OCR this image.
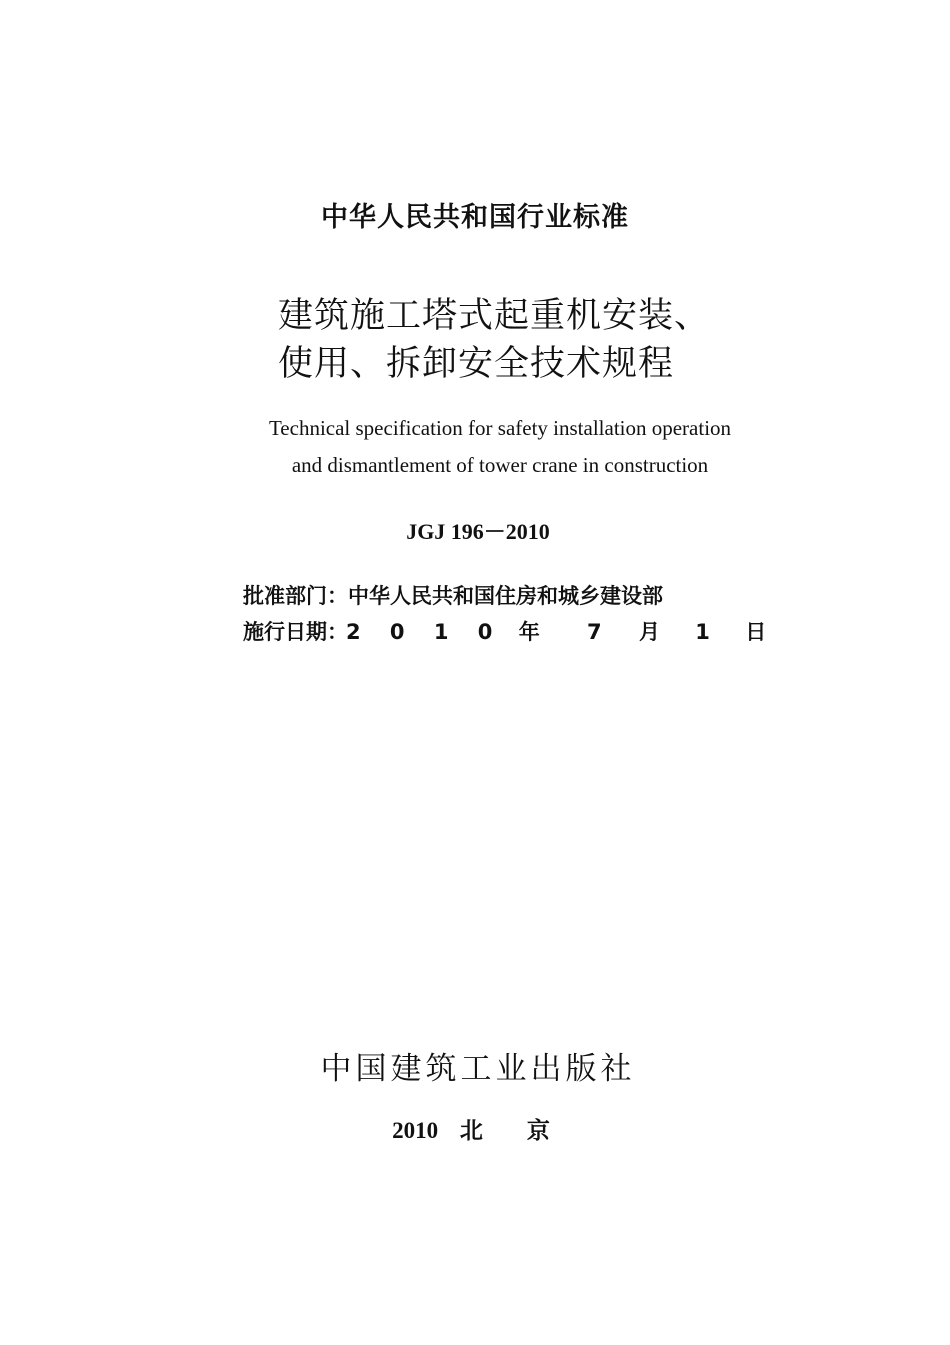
中华人民共和国行业标准
建筑施工塔式起重机安装、
使用、拆卸安全技术规程
Technical specification for safety installation operation
and dismantlement of tower crane in construction
JGJ 196－2010
批准部门： 中华人民共和国住房和城乡建设部
施行日期：
2 0 1 0 年 7 月 1 日
中国建筑工业出版社
2010 北 京
